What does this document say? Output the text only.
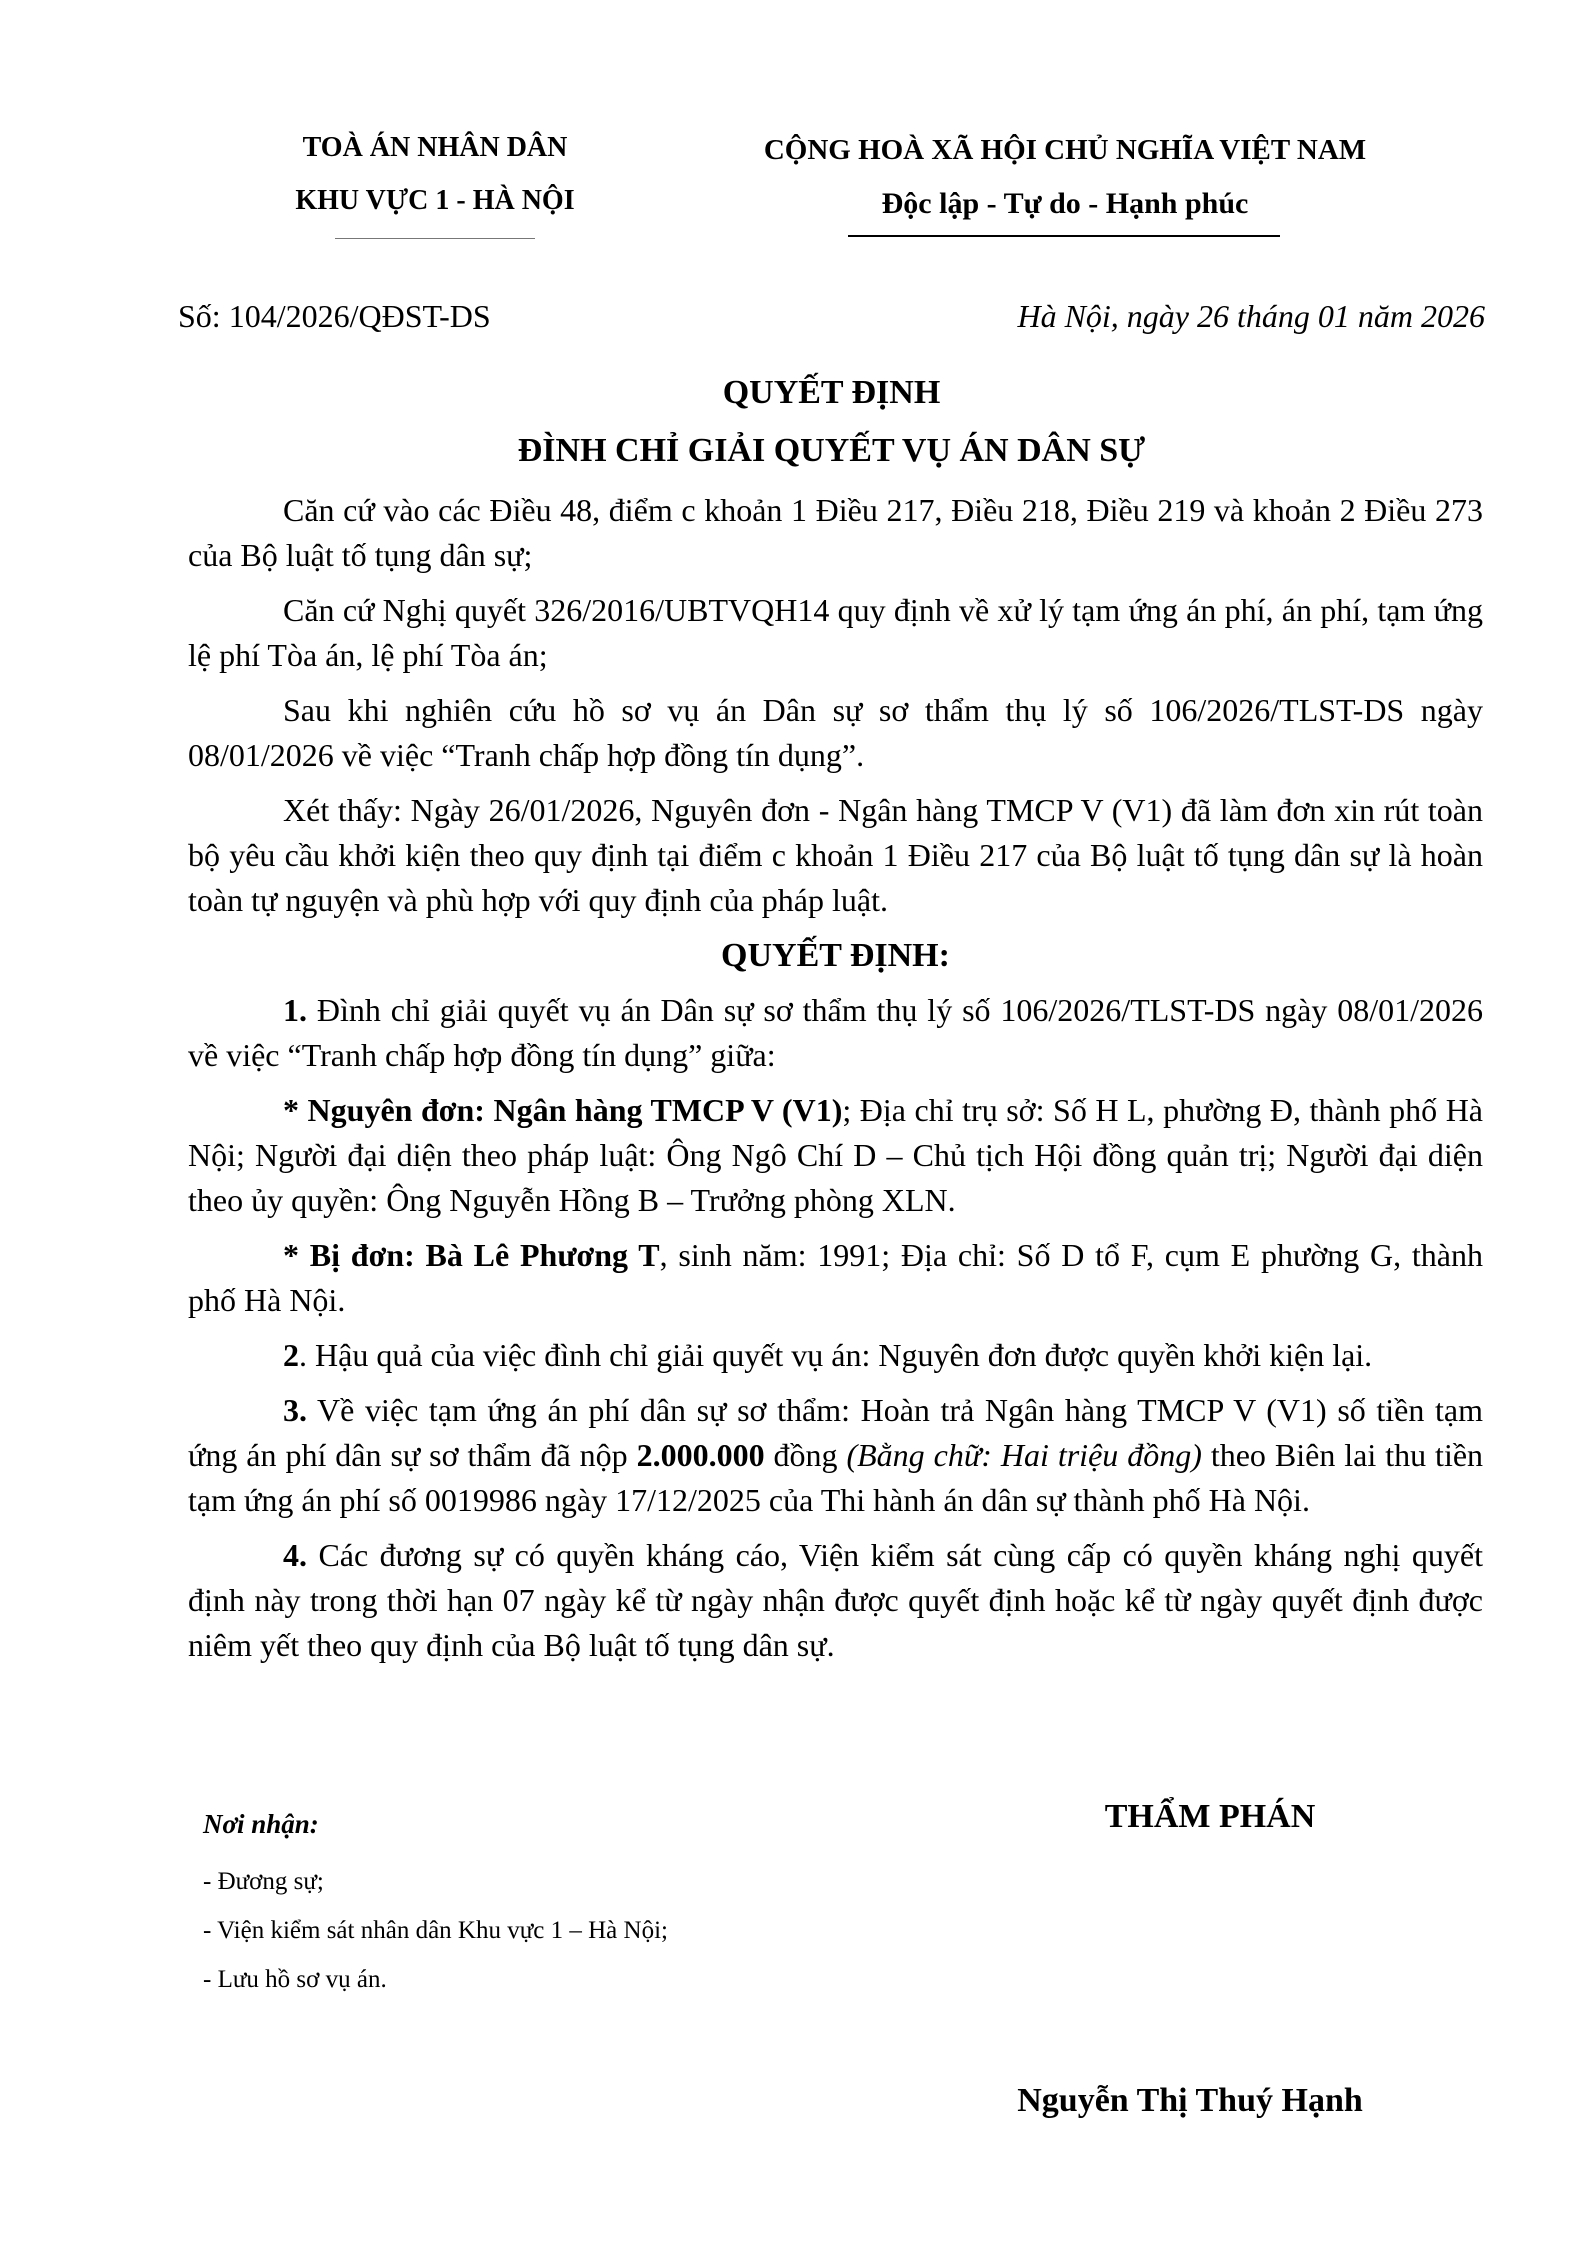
TOÀ ÁN NHÂN DÂN
KHU VỰC 1 - HÀ NỘI
CỘNG HOÀ XÃ HỘI CHỦ NGHĨA VIỆT NAM
Độc lập - Tự do - Hạnh phúc
Số: 104/2026/QĐST-DS	Hà Nội, ngày 26 tháng 01 năm 2026
QUYẾT ĐỊNH
ĐÌNH CHỈ GIẢI QUYẾT VỤ ÁN DÂN SỰ

Căn cứ vào các Điều 48, điểm c khoản 1 Điều 217, Điều 218, Điều 219 và khoản 2 Điều 273 của Bộ luật tố tụng dân sự;

Căn cứ Nghị quyết 326/2016/UBTVQH14 quy định về xử lý tạm ứng án phí, án phí, tạm ứng lệ phí Tòa án, lệ phí Tòa án;

Sau khi nghiên cứu hồ sơ vụ án Dân sự sơ thẩm thụ lý số 106/2026/TLST-DS ngày 08/01/2026 về việc “Tranh chấp hợp đồng tín dụng”.

Xét thấy: Ngày 26/01/2026, Nguyên đơn - Ngân hàng TMCP V (V1) đã làm đơn xin rút toàn bộ yêu cầu khởi kiện theo quy định tại điểm c khoản 1 Điều 217 của Bộ luật tố tụng dân sự là hoàn toàn tự nguyện và phù hợp với quy định của pháp luật.

QUYẾT ĐỊNH:

1. Đình chỉ giải quyết vụ án Dân sự sơ thẩm thụ lý số 106/2026/TLST-DS ngày 08/01/2026 về việc “Tranh chấp hợp đồng tín dụng” giữa:

* Nguyên đơn: Ngân hàng TMCP V (V1); Địa chỉ trụ sở: Số H L, phường Đ, thành phố Hà Nội; Người đại diện theo pháp luật: Ông Ngô Chí D – Chủ tịch Hội đồng quản trị; Người đại diện theo ủy quyền: Ông Nguyễn Hồng B – Trưởng phòng XLN.

* Bị đơn: Bà Lê Phương T, sinh năm: 1991; Địa chỉ: Số D tổ F, cụm E phường G, thành phố Hà Nội.

2. Hậu quả của việc đình chỉ giải quyết vụ án: Nguyên đơn được quyền khởi kiện lại.

3. Về việc tạm ứng án phí dân sự sơ thẩm: Hoàn trả Ngân hàng TMCP V (V1) số tiền tạm ứng án phí dân sự sơ thẩm đã nộp 2.000.000 đồng (Bằng chữ: Hai triệu đồng) theo Biên lai thu tiền tạm ứng án phí số 0019986 ngày 17/12/2025 của Thi hành án dân sự thành phố Hà Nội.

4. Các đương sự có quyền kháng cáo, Viện kiểm sát cùng cấp có quyền kháng nghị quyết định này trong thời hạn 07 ngày kể từ ngày nhận được quyết định hoặc kể từ ngày quyết định được niêm yết theo quy định của Bộ luật tố tụng dân sự.

Nơi nhận:
- Đương sự;
- Viện kiểm sát nhân dân Khu vực 1 – Hà Nội;
- Lưu hồ sơ vụ án.
THẨM PHÁN
Nguyễn Thị Thuý Hạnh
